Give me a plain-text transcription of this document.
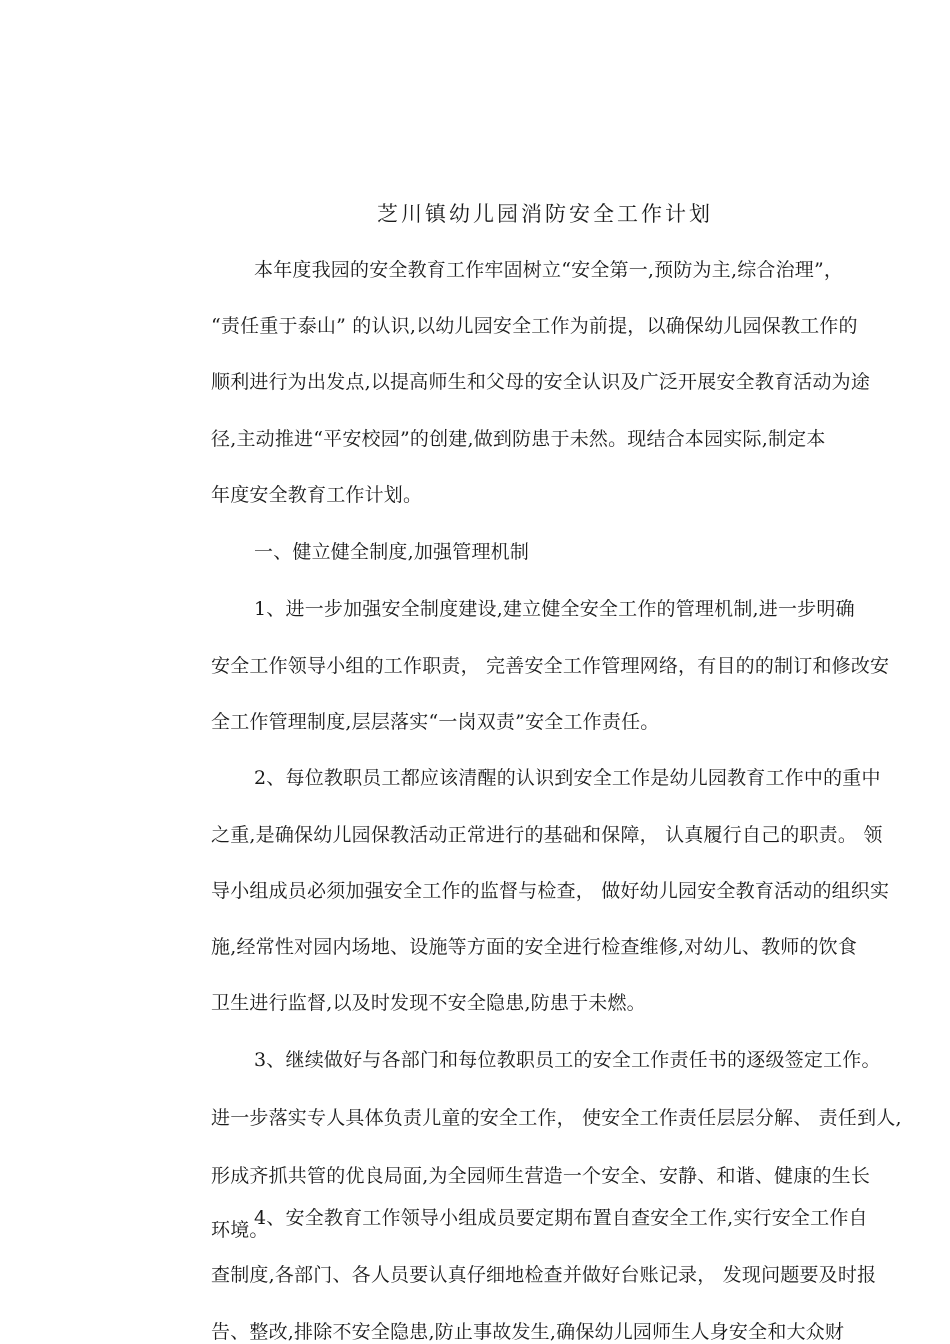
芝川镇幼儿园消防安全工作计划
本年度我园的安全教育工作牢固树立“安全第一,预防为主,综合治理”，
“责任重于泰山” 的认识,以幼儿园安全工作为前提，以确保幼儿园保教工作的
顺利进行为出发点,以提高师生和父母的安全认识及广泛开展安全教育活动为途
径,主动推进“平安校园”的创建,做到防患于未然。现结合本园实际,制定本
年度安全教育工作计划。
一、健立健全制度,加强管理机制
1、进一步加强安全制度建设,建立健全安全工作的管理机制,进一步明确
安全工作领导小组的工作职责， 完善安全工作管理网络，有目的的制订和修改安
全工作管理制度,层层落实“一岗双责”安全工作责任。
2、每位教职员工都应该清醒的认识到安全工作是幼儿园教育工作中的重中
之重,是确保幼儿园保教活动正常进行的基础和保障， 认真履行自己的职责。 领
导小组成员必须加强安全工作的监督与检查， 做好幼儿园安全教育活动的组织实
施,经常性对园内场地、设施等方面的安全进行检查维修,对幼儿、教师的饮食
卫生进行监督,以及时发现不安全隐患,防患于未燃。
3、继续做好与各部门和每位教职员工的安全工作责任书的逐级签定工作。
进一步落实专人具体负责儿童的安全工作， 使安全工作责任层层分解、 责任到人,
形成齐抓共管的优良局面,为全园师生营造一个安全、安静、和谐、健康的生长
环境。
4、安全教育工作领导小组成员要定期布置自查安全工作,实行安全工作自
查制度,各部门、各人员要认真仔细地检查并做好台账记录， 发现问题要及时报
告、整改,排除不安全隐患,防止事故发生,确保幼儿园师生人身安全和大众财
